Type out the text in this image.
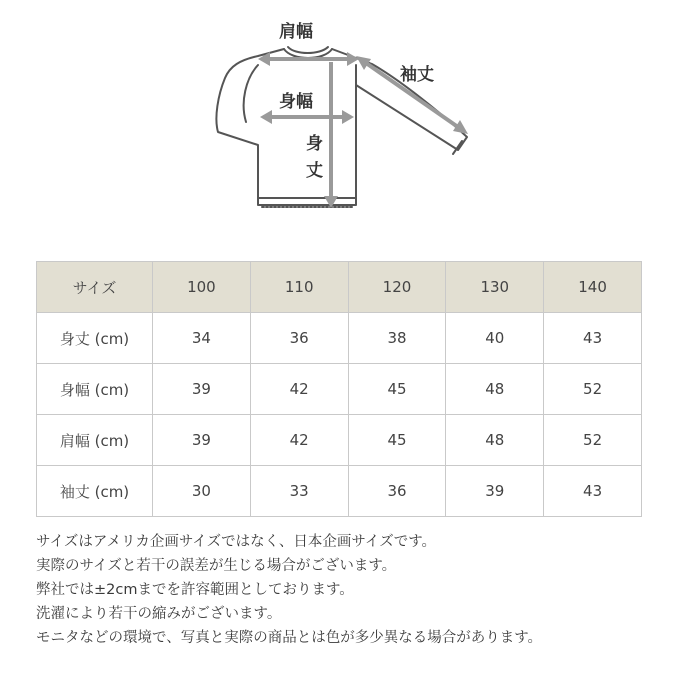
肩幅
袖丈
身幅
身
丈
サイズ	100	110	120	130	140
身丈 (cm)	34	36	38	40	43
身幅 (cm)	39	42	45	48	52
肩幅 (cm)	39	42	45	48	52
袖丈 (cm)	30	33	36	39	43
サイズはアメリカ企画サイズではなく、日本企画サイズです。
実際のサイズと若干の誤差が生じる場合がございます。
弊社では±2cmまでを許容範囲としております。
洗濯により若干の縮みがございます。
モニタなどの環境で、写真と実際の商品とは色が多少異なる場合があります。
